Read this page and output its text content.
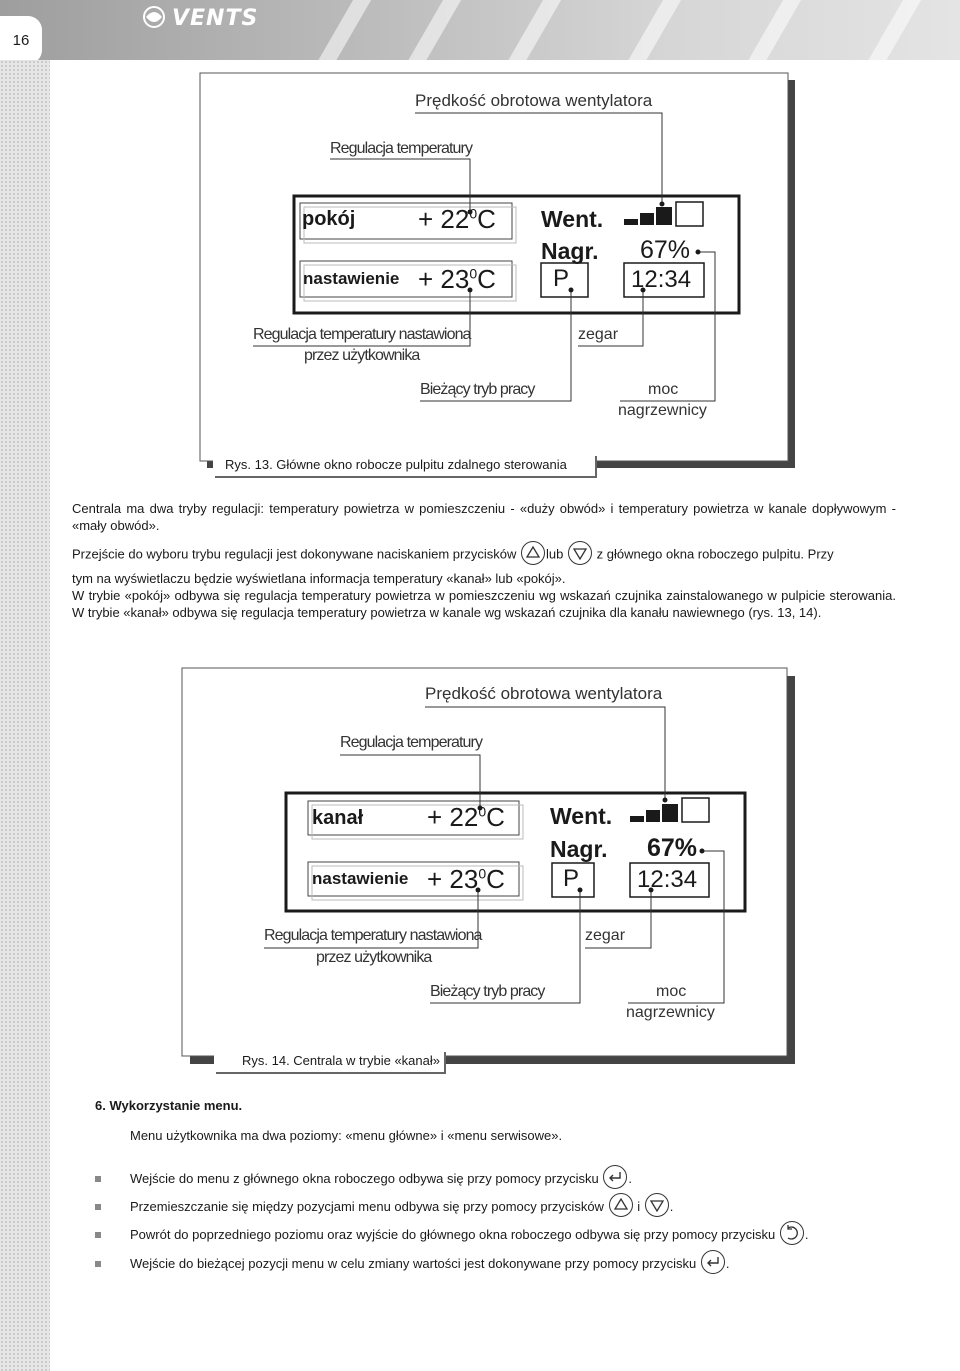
VENTS
16
Prędkość obrotowa wentylatora
Regulacja temperatury
pokój + $22^0C$
nastawienie + $23^0C$
Went.
Nagr. 67%
P	12:34
Regulacja temperatury nastawiona
przez użytkownika
zegar
Bieżący tryb pracy	moc
nagrzewnicy
Rys. 13. Główne okno robocze pulpitu zdalnego sterowania

Centrala ma dwa tryby regulacji: temperatury powietrza w pomieszczeniu - «duży obwód» i temperatury powietrza w kanale dopływowym - «mały obwód».

Przejście do wyboru trybu regulacji jest dokonywane naciskaniem przycisków lub	z głównego okna roboczego pulpitu. Przy

tym na wyświetlaczu będzie wyświetlana informacja temperatury «kanał» lub «pokój».

W trybie «pokój» odbywa się regulacja temperatury powietrza w pomieszczeniu wg wskazań czujnika zainstalowanego w pulpicie sterowania. W trybie «kanał» odbywa się regulacja temperatury powietrza w kanale wg wskazań czujnika dla kanału nawiewnego (rys. 13, 14).

Prędkość obrotowa wentylatora
Regulacja temperatury
kanał + $22^0C$
nastawienie + $23^0C$
Went.
Nagr. 67%
P 12:34
Regulacja temperatury nastawiona
przez użytkownika
zegar
Bieżący tryb pracy	moc
nagrzewnicy
Rys. 14. Centrala w trybie «kanał»
6. Wykorzystanie menu.
Menu użytkownika ma dwa poziomy: «menu główne» i «menu serwisowe».
Wejście do menu z głównego okna roboczego odbywa się przy pomocy przycisku .
Przemieszczanie się między pozycjami menu odbywa się przy pomocy przycisków	i .
Powrót do poprzedniego poziomu oraz wyjście do głównego okna roboczego odbywa się przy pomocy przycisku .
Wejście do bieżącej pozycji menu w celu zmiany wartości jest dokonywane przy pomocy przycisku .
